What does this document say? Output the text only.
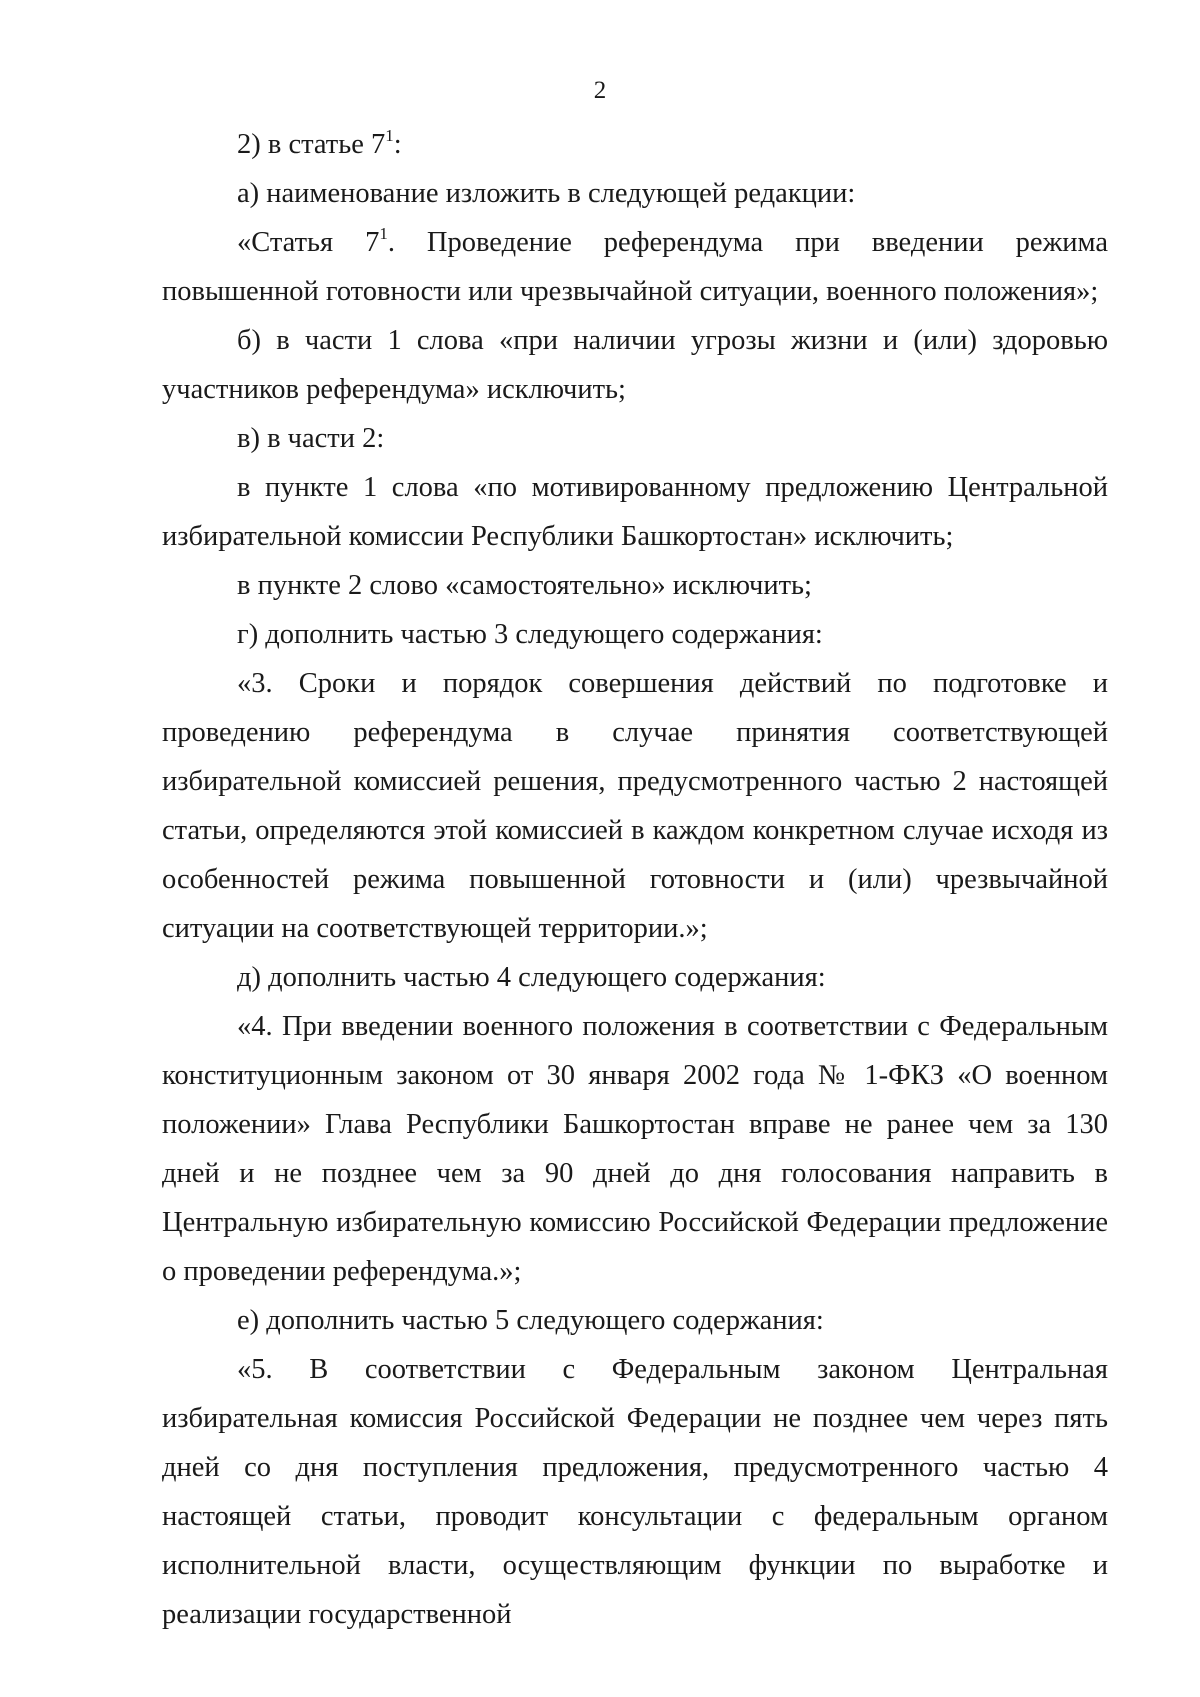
2

2) в статье $7^1$:

а) наименование изложить в следующей редакции:

«Статья $7^1$. Проведение референдума при введении режима повышенной готовности или чрезвычайной ситуации, военного положения»;

б) в части 1 слова «при наличии угрозы жизни и (или) здоровью участников референдума» исключить;

в) в части 2:

в пункте 1 слова «по мотивированному предложению Центральной избирательной комиссии Республики Башкортостан» исключить;

в пункте 2 слово «самостоятельно» исключить;

г) дополнить частью 3 следующего содержания:

«3. Сроки и порядок совершения действий по подготовке и проведению референдума в случае принятия соответствующей избирательной комиссией решения, предусмотренного частью 2 настоящей статьи, определяются этой комиссией в каждом конкретном случае исходя из особенностей режима повышенной готовности и (или) чрезвычайной ситуации на соответствующей территории.»;

д) дополнить частью 4 следующего содержания:

«4. При введении военного положения в соответствии с Федеральным конституционным законом от 30 января 2002 года № 1-ФКЗ «О военном положении» Глава Республики Башкортостан вправе не ранее чем за 130 дней и не позднее чем за 90 дней до дня голосования направить в Центральную избирательную комиссию Российской Федерации предложение о проведении референдума.»;

е) дополнить частью 5 следующего содержания:

«5. В соответствии с Федеральным законом Центральная избирательная комиссия Российской Федерации не позднее чем через пять дней со дня поступления предложения, предусмотренного частью 4 настоящей статьи, проводит консультации с федеральным органом исполнительной власти, осуществляющим функции по выработке и реализации государственной
